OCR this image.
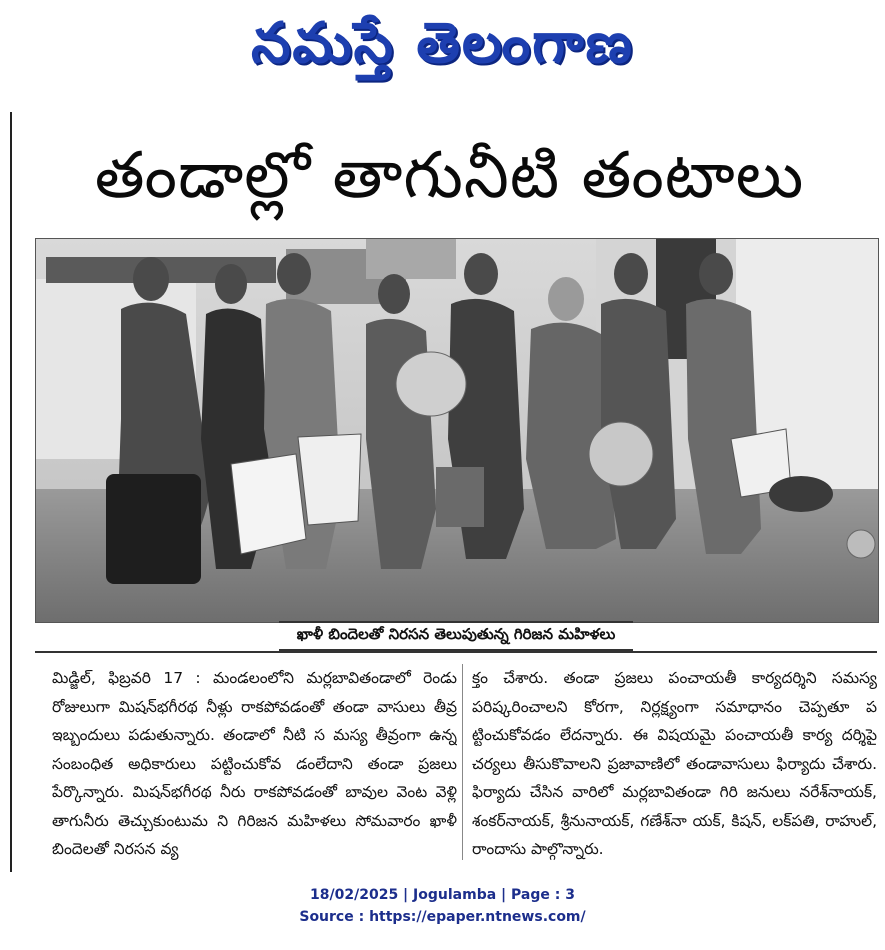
నమస్తే తెలంగాణ
తండాల్లో తాగునీటి తంటాలు
ఖాళీ బిందెలతో నిరసన తెలుపుతున్న గిరిజన మహిళలు
మిడ్జిల్, ఫిబ్రవరి 17 : మండలంలోని మర్లబావితండాలో రెండు రోజులుగా మిషన్‌భగీరథ నీళ్లు రాకపోవడంతో తండా వాసులు తీవ్ర ఇబ్బందులు పడుతున్నారు. తండాలో నీటి స మస్య తీవ్రంగా ఉన్న సంబంధిత అధికారులు పట్టించుకోవ డంలేదాని తండా ప్రజలు పేర్కొన్నారు. మిషన్‌భగీరథ నీరు రాకపోవడంతో బావుల వెంట వెళ్లి తాగునీరు తెచ్చుకుంటుమ ని గిరిజన మహిళలు సోమవారం ఖాళీ బిందెలతో నిరసన వ్య
క్తం చేశారు. తండా ప్రజలు పంచాయతీ కార్యదర్శిని సమస్య పరిష్కరించాలని కోరగా, నిర్లక్ష్యంగా సమాధానం చెప్పతూ ప ట్టించుకోవడం లేదన్నారు. ఈ విషయమై పంచాయతీ కార్య దర్శిపై చర్యలు తీసుకొవాలని ప్రజావాణిలో తండావాసులు ఫిర్యాదు చేశారు. ఫిర్యాదు చేసిన వారిలో మర్లబావితండా గిరి జనులు నరేశ్‌నాయక్, శంకర్‌నాయక్, శ్రీనునాయక్, గణేశ్‌నా యక్, కిషన్, లక్‌పతి, రాహుల్, రాందాసు పాల్గొన్నారు.
18/02/2025 | Jogulamba | Page : 3
Source : https://epaper.ntnews.com/
